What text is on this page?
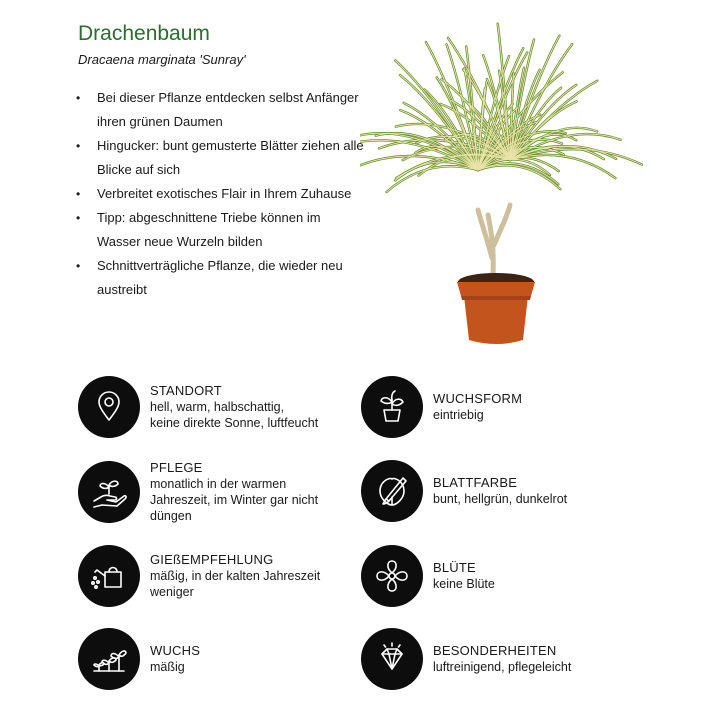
Drachenbaum

Dracaena marginata 'Sunray'

• Bei dieser Pflanze entdecken selbst Anfänger ihren grünen Daumen
• Hingucker: bunt gemusterte Blätter ziehen alle Blicke auf sich
• Verbreitet exotisches Flair in Ihrem Zuhause
• Tipp: abgeschnittene Triebe können im Wasser neue Wurzeln bilden
• Schnittverträgliche Pflanze, die wieder neu austreibt
STANDORT
hell, warm, halbschattig,
keine direkte Sonne, luftfeucht
WUCHSFORM
eintriebig
PFLEGE
monatlich in der warmen
Jahreszeit, im Winter gar nicht
düngen
BLATTFARBE
bunt, hellgrün, dunkelrot
GIEßEMPFEHLUNG
mäßig, in der kalten Jahreszeit
weniger
BLÜTE
keine Blüte
WUCHS
mäßig
BESONDERHEITEN
luftreinigend, pflegeleicht
